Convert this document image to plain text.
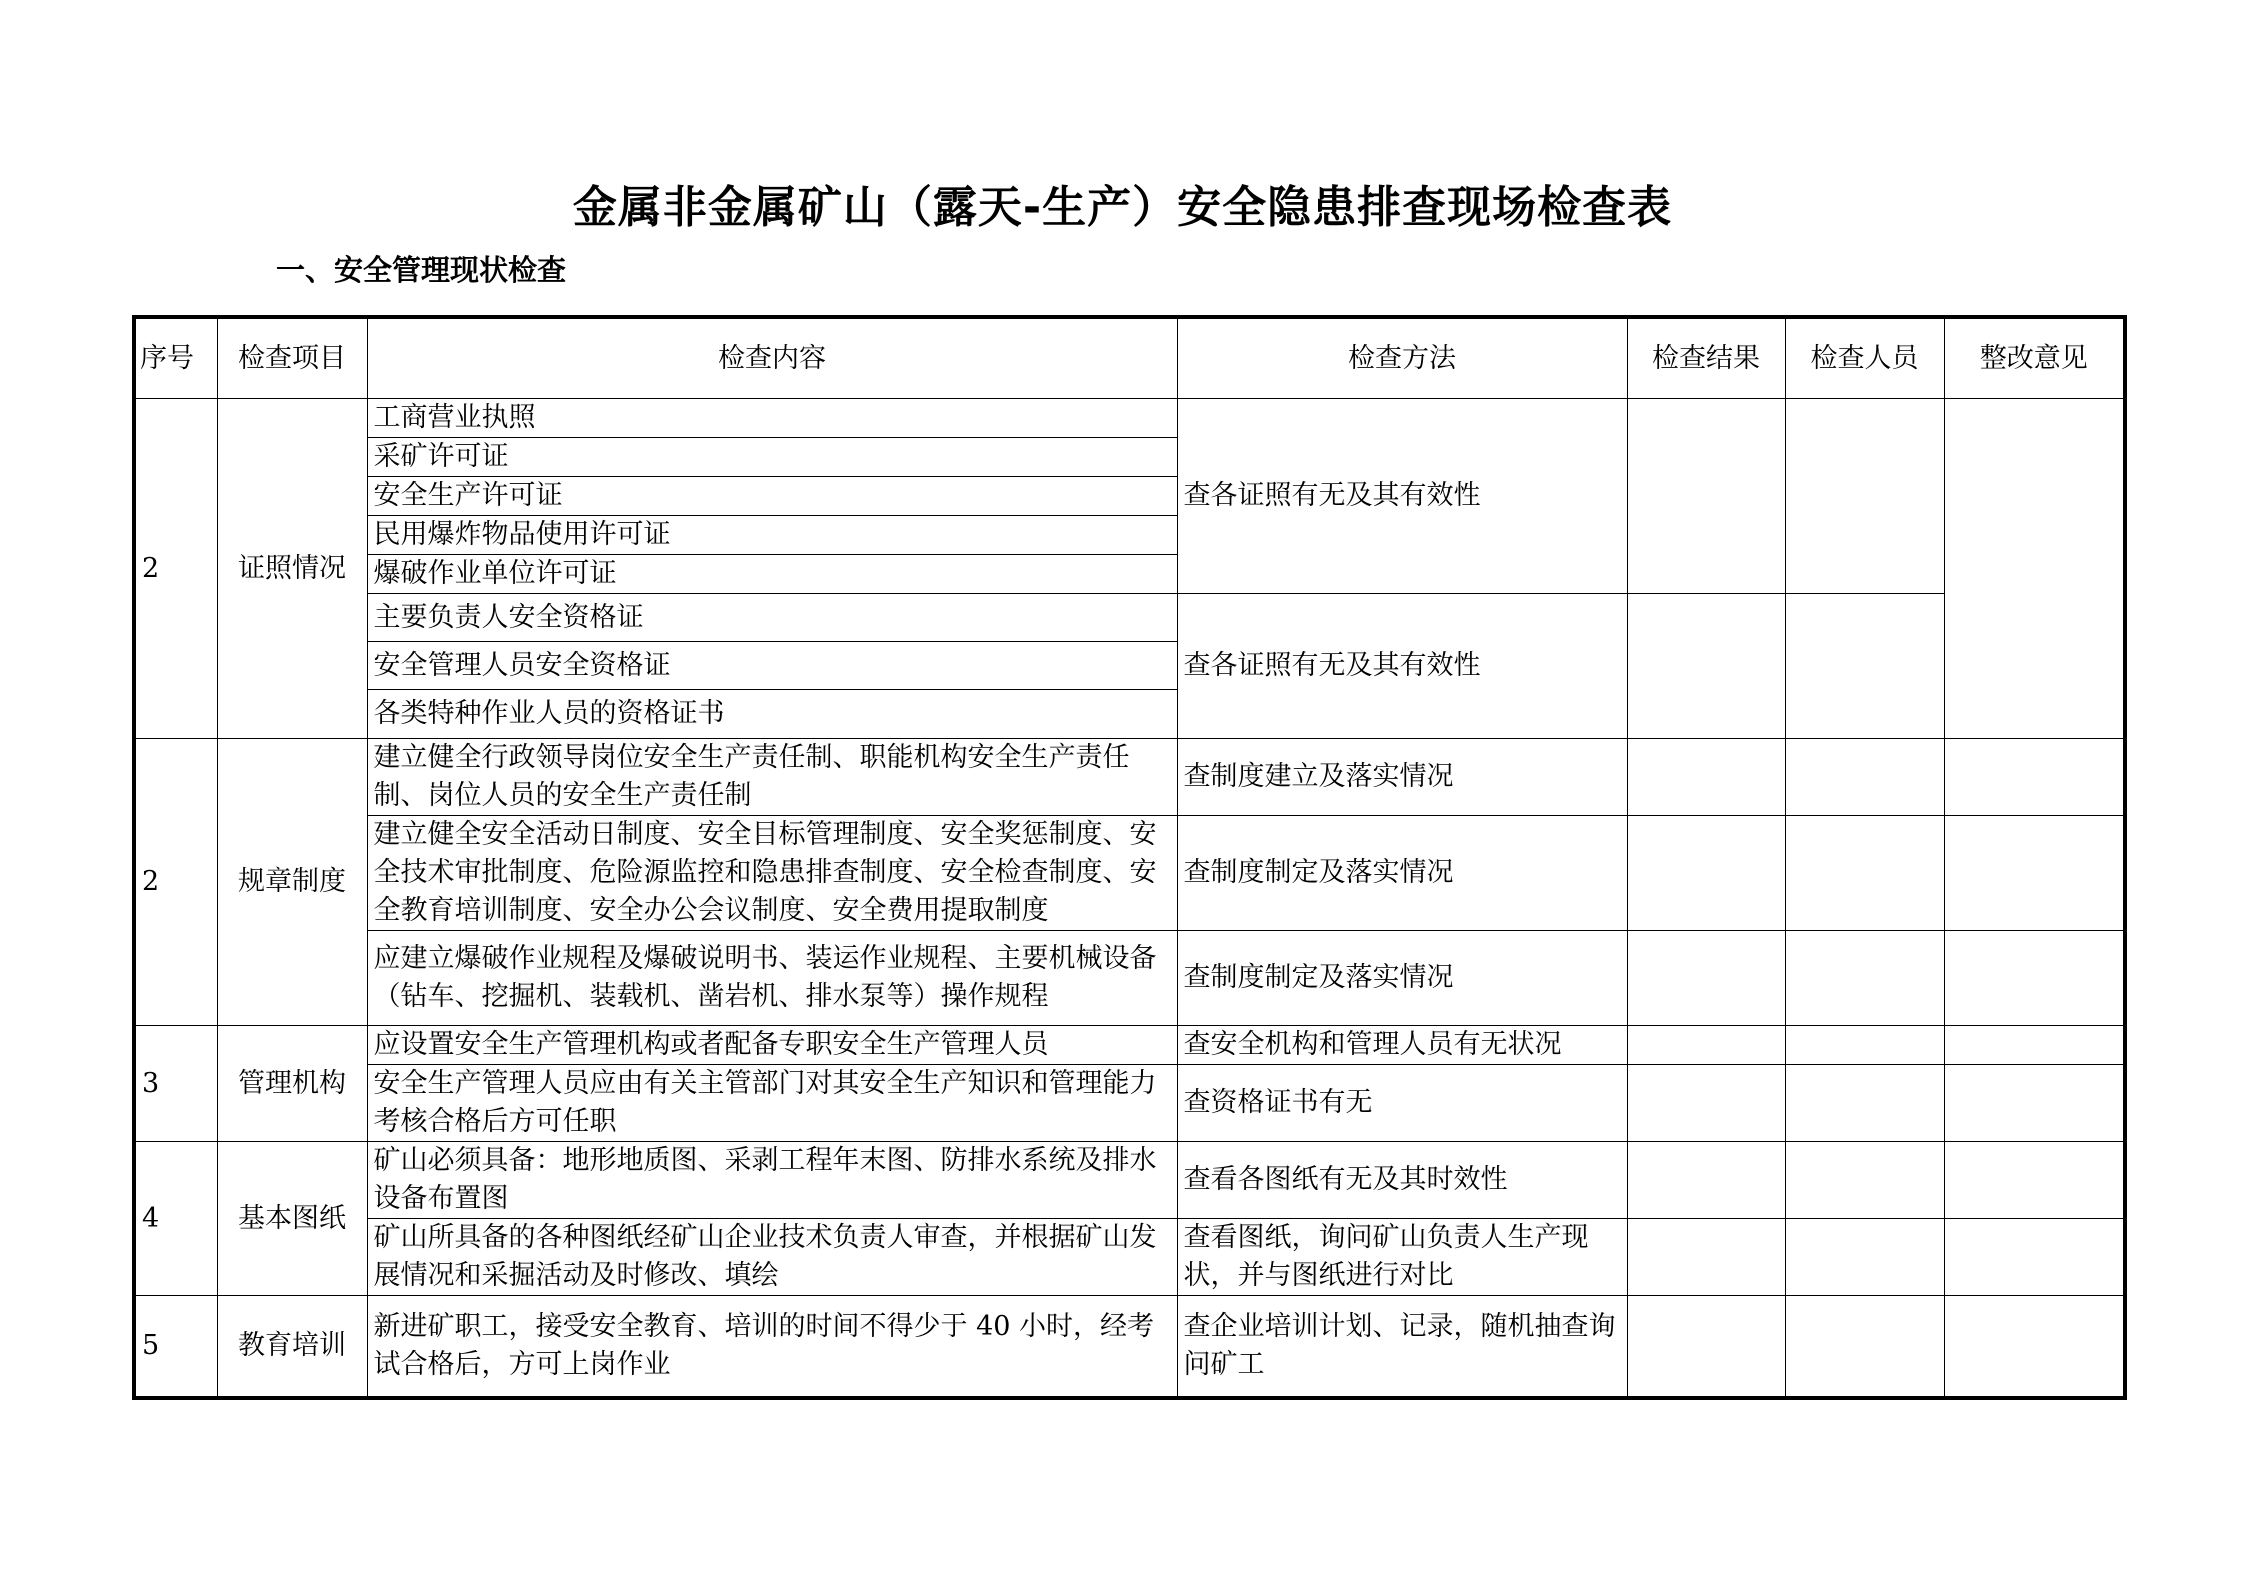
金属非金属矿山（露天-生产）安全隐患排查现场检查表
一、安全管理现状检查
序号	检查项目	检查内容	检查方法	检查结果	检查人员	整改意见
2	证照情况	工商营业执照	查各证照有无及其有效性			
		采矿许可证				
		安全生产许可证				
		民用爆炸物品使用许可证				
		爆破作业单位许可证				
		主要负责人安全资格证	查各证照有无及其有效性			
		安全管理人员安全资格证				
		各类特种作业人员的资格证书				
2	规章制度	建立健全行政领导岗位安全生产责任制、职能机构安全生产责任制、岗位人员的安全生产责任制	查制度建立及落实情况			
		建立健全安全活动日制度、安全目标管理制度、安全奖惩制度、安全技术审批制度、危险源监控和隐患排查制度、安全检查制度、安全教育培训制度、安全办公会议制度、安全费用提取制度	查制度制定及落实情况			
		应建立爆破作业规程及爆破说明书、装运作业规程、主要机械设备（钻车、挖掘机、装载机、凿岩机、排水泵等）操作规程	查制度制定及落实情况			
3	管理机构	应设置安全生产管理机构或者配备专职安全生产管理人员	查安全机构和管理人员有无状况			
		安全生产管理人员应由有关主管部门对其安全生产知识和管理能力考核合格后方可任职	查资格证书有无			
4	基本图纸	矿山必须具备：地形地质图、采剥工程年末图、防排水系统及排水设备布置图	查看各图纸有无及其时效性			
		矿山所具备的各种图纸经矿山企业技术负责人审查，并根据矿山发展情况和采掘活动及时修改、填绘	查看图纸，询问矿山负责人生产现状，并与图纸进行对比			
5	教育培训	新进矿职工，接受安全教育、培训的时间不得少于 40 小时，经考试合格后，方可上岗作业	查企业培训计划、记录，随机抽查询问矿工			
